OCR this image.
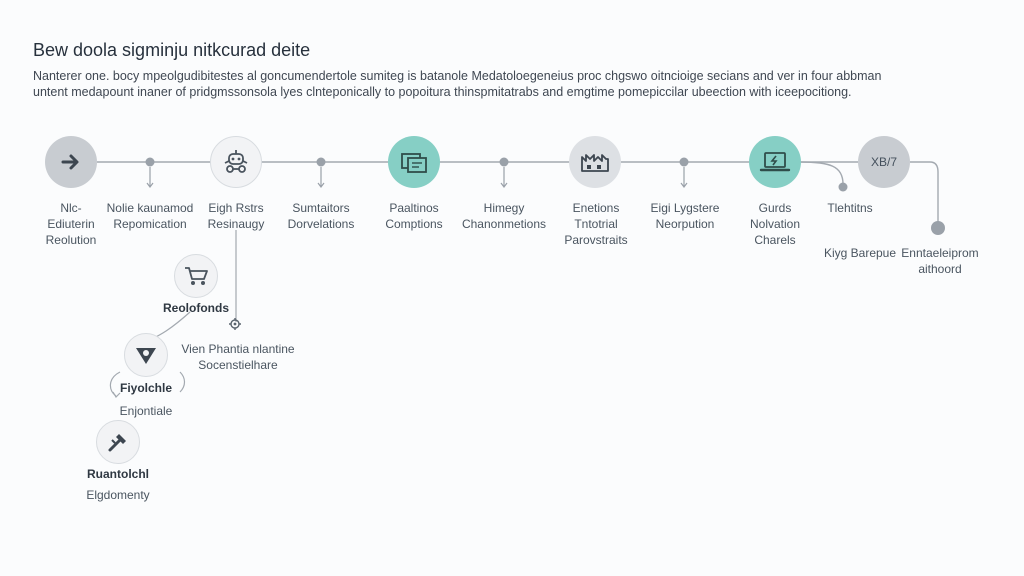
Bew doola sigminju nitkcurad deite
Nanterer one. bocy mpeolgudibitestes al goncumendertole sumiteg is batanole Medatoloegeneius proc chgswo oitncioige secians and ver in four abbman
untent medapount inaner of pridgmssonsola lyes clnteponically to popoitura thinspmitatrabs and emgtime pomepiccilar ubeection with iceepocitiong.
Nlc-
Ediuterin
Reolution
Nolie kaunamod
Repomication
Eigh Rstrs
Resinaugy
Sumtaitors
Dorvelations
Paaltinos
Comptions
Himegy
Chanonmetions
Enetions
Tntotrial
Parovstraits
Eigi Lygstere
Neorpution
Gurds
Nolvation
Charels
XB/7
Tlehtitns
Kiyg Barepue Enntaeleiprom
aithoord
Reolofonds
Vien Phantia nlantine
Socenstielhare
Fiyolchle
Enjontiale
Ruantolchl
Elgdomenty
